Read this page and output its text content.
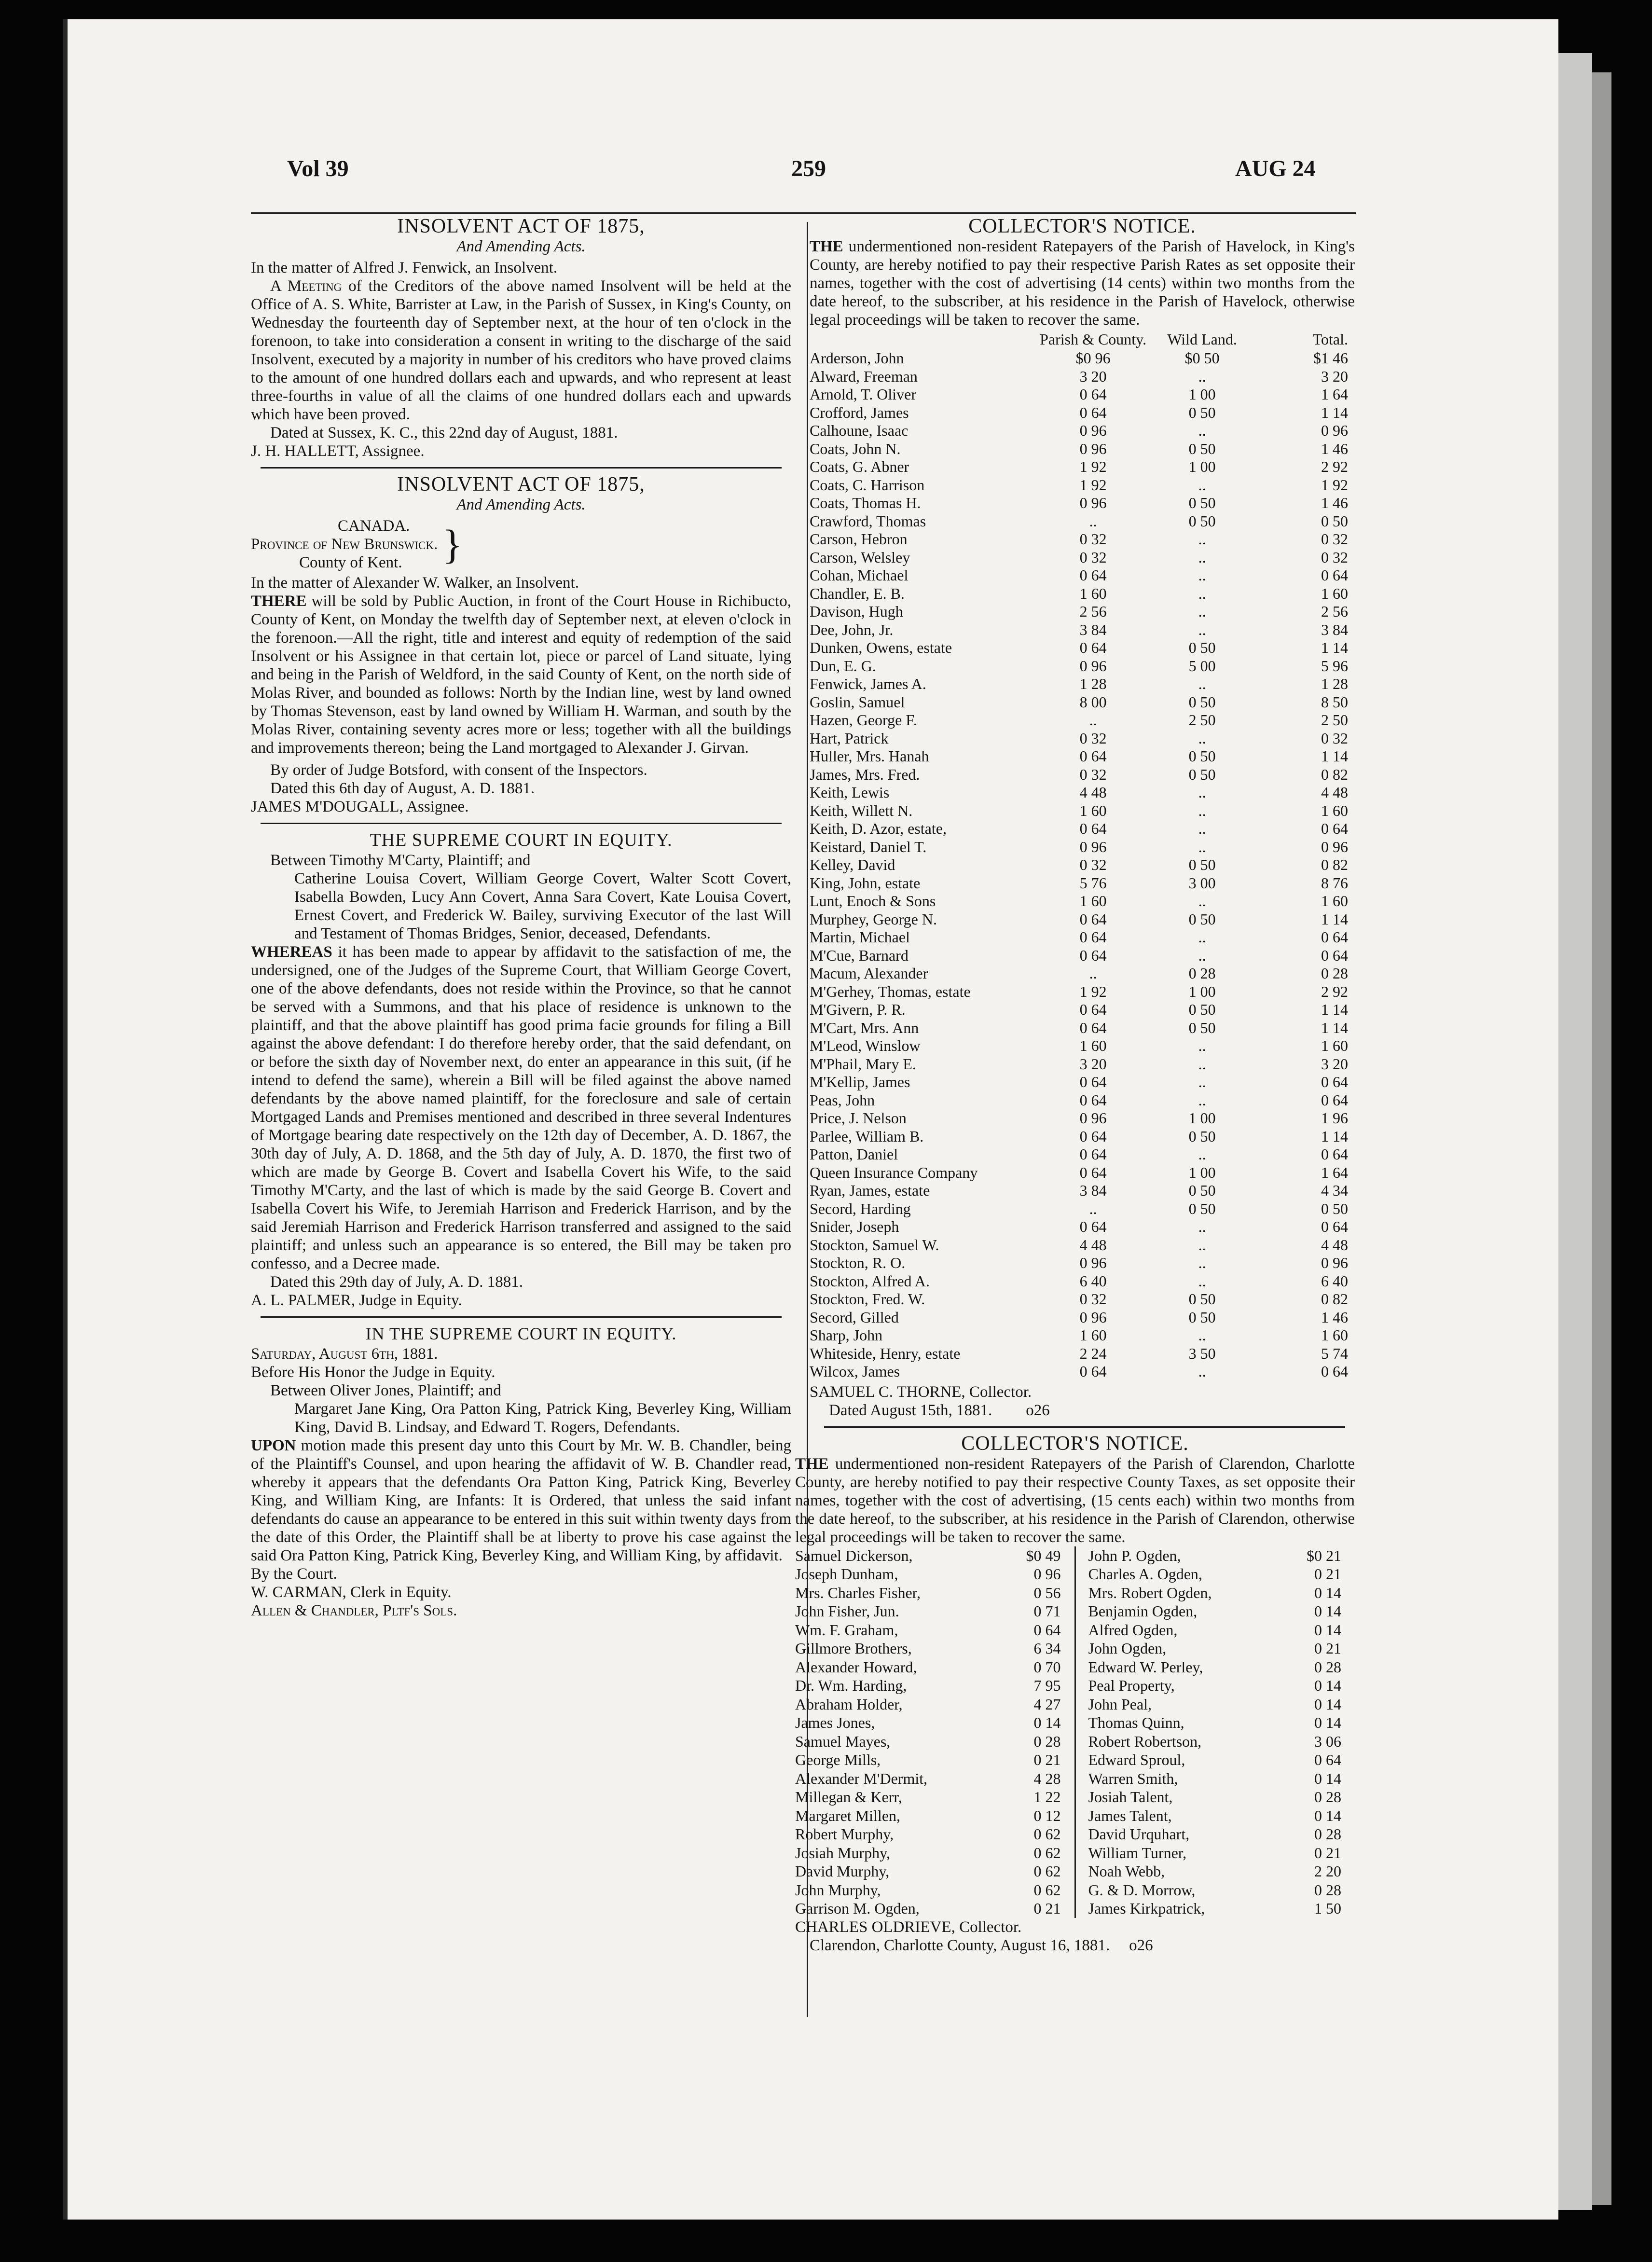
Vol 39	259	AUG 24
INSOLVENT ACT OF 1875,
And Amending Acts.

In the matter of Alfred J. Fenwick, an Insolvent.

A Meeting of the Creditors of the above named Insolvent will be held at the Office of A. S. White, Barrister at Law, in the Parish of Sussex, in King's County, on Wednesday the fourteenth day of September next, at the hour of ten o'clock in the forenoon, to take into consideration a consent in writing to the discharge of the said Insolvent, executed by a majority in number of his creditors who have proved claims to the amount of one hundred dollars each and upwards, and who represent at least three-fourths in value of all the claims of one hundred dollars each and upwards which have been proved.

Dated at Sussex, K. C., this 22nd day of August, 1881.

J. H. HALLETT, Assignee.

INSOLVENT ACT OF 1875,
And Amending Acts.
CANADA.
Province of New Brunswick.
County of Kent. }

In the matter of Alexander W. Walker, an Insolvent.

THERE will be sold by Public Auction, in front of the Court House in Richibucto, County of Kent, on Monday the twelfth day of September next, at eleven o'clock in the forenoon.—All the right, title and interest and equity of redemption of the said Insolvent or his Assignee in that certain lot, piece or parcel of Land situate, lying and being in the Parish of Weldford, in the said County of Kent, on the north side of Molas River, and bounded as follows: North by the Indian line, west by land owned by Thomas Stevenson, east by land owned by William H. Warman, and south by the Molas River, containing seventy acres more or less; together with all the buildings and improvements thereon; being the Land mortgaged to Alexander J. Girvan.

By order of Judge Botsford, with consent of the Inspectors.

Dated this 6th day of August, A. D. 1881.

JAMES M'DOUGALL, Assignee.

THE SUPREME COURT IN EQUITY.

Between Timothy M'Carty, Plaintiff; and

Catherine Louisa Covert, William George Covert, Walter Scott Covert, Isabella Bowden, Lucy Ann Covert, Anna Sara Covert, Kate Louisa Covert, Ernest Covert, and Frederick W. Bailey, surviving Executor of the last Will and Testament of Thomas Bridges, Senior, deceased, Defendants.

WHEREAS it has been made to appear by affidavit to the satisfaction of me, the undersigned, one of the Judges of the Supreme Court, that William George Covert, one of the above defendants, does not reside within the Province, so that he cannot be served with a Summons, and that his place of residence is unknown to the plaintiff, and that the above plaintiff has good prima facie grounds for filing a Bill against the above defendant: I do therefore hereby order, that the said defendant, on or before the sixth day of November next, do enter an appearance in this suit, (if he intend to defend the same), wherein a Bill will be filed against the above named defendants by the above named plaintiff, for the foreclosure and sale of certain Mortgaged Lands and Premises mentioned and described in three several Indentures of Mortgage bearing date respectively on the 12th day of December, A. D. 1867, the 30th day of July, A. D. 1868, and the 5th day of July, A. D. 1870, the first two of which are made by George B. Covert and Isabella Covert his Wife, to the said Timothy M'Carty, and the last of which is made by the said George B. Covert and Isabella Covert his Wife, to Jeremiah Harrison and Frederick Harrison, and by the said Jeremiah Harrison and Frederick Harrison transferred and assigned to the said plaintiff; and unless such an appearance is so entered, the Bill may be taken pro confesso, and a Decree made.

Dated this 29th day of July, A. D. 1881.

A. L. PALMER, Judge in Equity.

IN THE SUPREME COURT IN EQUITY.

Saturday, August 6th, 1881.

Before His Honor the Judge in Equity.

Between Oliver Jones, Plaintiff; and

Margaret Jane King, Ora Patton King, Patrick King, Beverley King, William King, David B. Lindsay, and Edward T. Rogers, Defendants.

UPON motion made this present day unto this Court by Mr. W. B. Chandler, being of the Plaintiff's Counsel, and upon hearing the affidavit of W. B. Chandler read, whereby it appears that the defendants Ora Patton King, Patrick King, Beverley King, and William King, are Infants: It is Ordered, that unless the said infant defendants do cause an appearance to be entered in this suit within twenty days from the date of this Order, the Plaintiff shall be at liberty to prove his case against the said Ora Patton King, Patrick King, Beverley King, and William King, by affidavit.

By the Court.

W. CARMAN, Clerk in Equity.

Allen & Chandler, Pltf's Sols.

COLLECTOR'S NOTICE.

THE undermentioned non-resident Ratepayers of the Parish of Havelock, in King's County, are hereby notified to pay their respective Parish Rates as set opposite their names, together with the cost of advertising (14 cents) within two months from the date hereof, to the subscriber, at his residence in the Parish of Havelock, otherwise legal proceedings will be taken to recover the same.

	Parish & County.	Wild Land.	Total.
Arderson, John	$0 96	$0 50	$1 46
Alward, Freeman	3 20	..	3 20
Arnold, T. Oliver	0 64	1 00	1 64
Crofford, James	0 64	0 50	1 14
Calhoune, Isaac	0 96	..	0 96
Coats, John N.	0 96	0 50	1 46
Coats, G. Abner	1 92	1 00	2 92
Coats, C. Harrison	1 92	..	1 92
Coats, Thomas H.	0 96	0 50	1 46
Crawford, Thomas	..	0 50	0 50
Carson, Hebron	0 32	..	0 32
Carson, Welsley	0 32	..	0 32
Cohan, Michael	0 64	..	0 64
Chandler, E. B.	1 60	..	1 60
Davison, Hugh	2 56	..	2 56
Dee, John, Jr.	3 84	..	3 84
Dunken, Owens, estate	0 64	0 50	1 14
Dun, E. G.	0 96	5 00	5 96
Fenwick, James A.	1 28	..	1 28
Goslin, Samuel	8 00	0 50	8 50
Hazen, George F.	..	2 50	2 50
Hart, Patrick	0 32	..	0 32
Huller, Mrs. Hanah	0 64	0 50	1 14
James, Mrs. Fred.	0 32	0 50	0 82
Keith, Lewis	4 48	..	4 48
Keith, Willett N.	1 60	..	1 60
Keith, D. Azor, estate,	0 64	..	0 64
Keistard, Daniel T.	0 96	..	0 96
Kelley, David	0 32	0 50	0 82
King, John, estate	5 76	3 00	8 76
Lunt, Enoch & Sons	1 60	..	1 60
Murphey, George N.	0 64	0 50	1 14
Martin, Michael	0 64	..	0 64
M'Cue, Barnard	0 64	..	0 64
Macum, Alexander	..	0 28	0 28
M'Gerhey, Thomas, estate	1 92	1 00	2 92
M'Givern, P. R.	0 64	0 50	1 14
M'Cart, Mrs. Ann	0 64	0 50	1 14
M'Leod, Winslow	1 60	..	1 60
M'Phail, Mary E.	3 20	..	3 20
M'Kellip, James	0 64	..	0 64
Peas, John	0 64	..	0 64
Price, J. Nelson	0 96	1 00	1 96
Parlee, William B.	0 64	0 50	1 14
Patton, Daniel	0 64	..	0 64
Queen Insurance Company	0 64	1 00	1 64
Ryan, James, estate	3 84	0 50	4 34
Secord, Harding	..	0 50	0 50
Snider, Joseph	0 64	..	0 64
Stockton, Samuel W.	4 48	..	4 48
Stockton, R. O.	0 96	..	0 96
Stockton, Alfred A.	6 40	..	6 40
Stockton, Fred. W.	0 32	0 50	0 82
Secord, Gilled	0 96	0 50	1 46
Sharp, John	1 60	..	1 60
Whiteside, Henry, estate	2 24	3 50	5 74
Wilcox, James	0 64	..	0 64

SAMUEL C. THORNE, Collector.

Dated August 15th, 1881. o26

COLLECTOR'S NOTICE.

THE undermentioned non-resident Ratepayers of the Parish of Clarendon, Charlotte County, are hereby notified to pay their respective County Taxes, as set opposite their names, together with the cost of advertising, (15 cents each) within two months from the date hereof, to the subscriber, at his residence in the Parish of Clarendon, otherwise legal proceedings will be taken to recover the same.

Samuel Dickerson,	$0 49
Joseph Dunham,	0 96
Mrs. Charles Fisher,	0 56
John Fisher, Jun.	0 71
Wm. F. Graham,	0 64
Gillmore Brothers,	6 34
Alexander Howard,	0 70
Dr. Wm. Harding,	7 95
Abraham Holder,	4 27
James Jones,	0 14
Samuel Mayes,	0 28
George Mills,	0 21
Alexander M'Dermit,	4 28
Millegan & Kerr,	1 22
Margaret Millen,	0 12
Robert Murphy,	0 62
Josiah Murphy,	0 62
David Murphy,	0 62
John Murphy,	0 62
Garrison M. Ogden,	0 21
John P. Ogden,	$0 21
Charles A. Ogden,	0 21
Mrs. Robert Ogden,	0 14
Benjamin Ogden,	0 14
Alfred Ogden,	0 14
John Ogden,	0 21
Edward W. Perley,	0 28
Peal Property,	0 14
John Peal,	0 14
Thomas Quinn,	0 14
Robert Robertson,	3 06
Edward Sproul,	0 64
Warren Smith,	0 14
Josiah Talent,	0 28
James Talent,	0 14
David Urquhart,	0 28
William Turner,	0 21
Noah Webb,	2 20
G. & D. Morrow,	0 28
James Kirkpatrick,	1 50

CHARLES OLDRIEVE, Collector.

Clarendon, Charlotte County, August 16, 1881. o26
